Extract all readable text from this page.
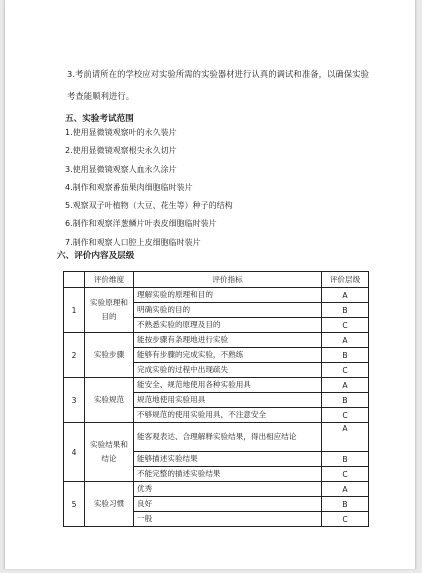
3.考前请所在的学校应对实验所需的实验器材进行认真的调试和准备，以确保实验
考查能顺利进行。
五、实验考试范围
1.使用显微镜观察叶的永久装片
2.使用显微镜观察根尖永久切片
3.使用显微镜观察人血永久涂片
4.制作和观察番茄果肉细胞临时装片
5.观察双子叶植物（大豆、花生等）种子的结构
6.制作和观察洋葱鳞片叶表皮细胞临时装片
7.制作和观察人口腔上皮细胞临时装片
六、评价内容及层级
	评价维度	评价指标	评价层级
1	实验原理和目的	理解实验的原理和目的	A
		明确实验的目的	B
		不熟悉实验的原理及目的	C
2	实验步骤	能按步骤有条理地进行实验	A
		能够有步骤的完成实验，不熟练	B
		完成实验的过程中出现疏失	C
3	实验规范	能安全、规范地使用各种实验用具	A
		规范地使用实验用具	B
		不够规范的使用实验用具，不注意安全	C
4	实验结果和结论	能客观表达、合理解释实验结果，得出相应结论	A
		能够描述实验结果	B
		不能完整的描述实验结果	C
5	实验习惯	优秀	A
		良好	B
		一般	C
